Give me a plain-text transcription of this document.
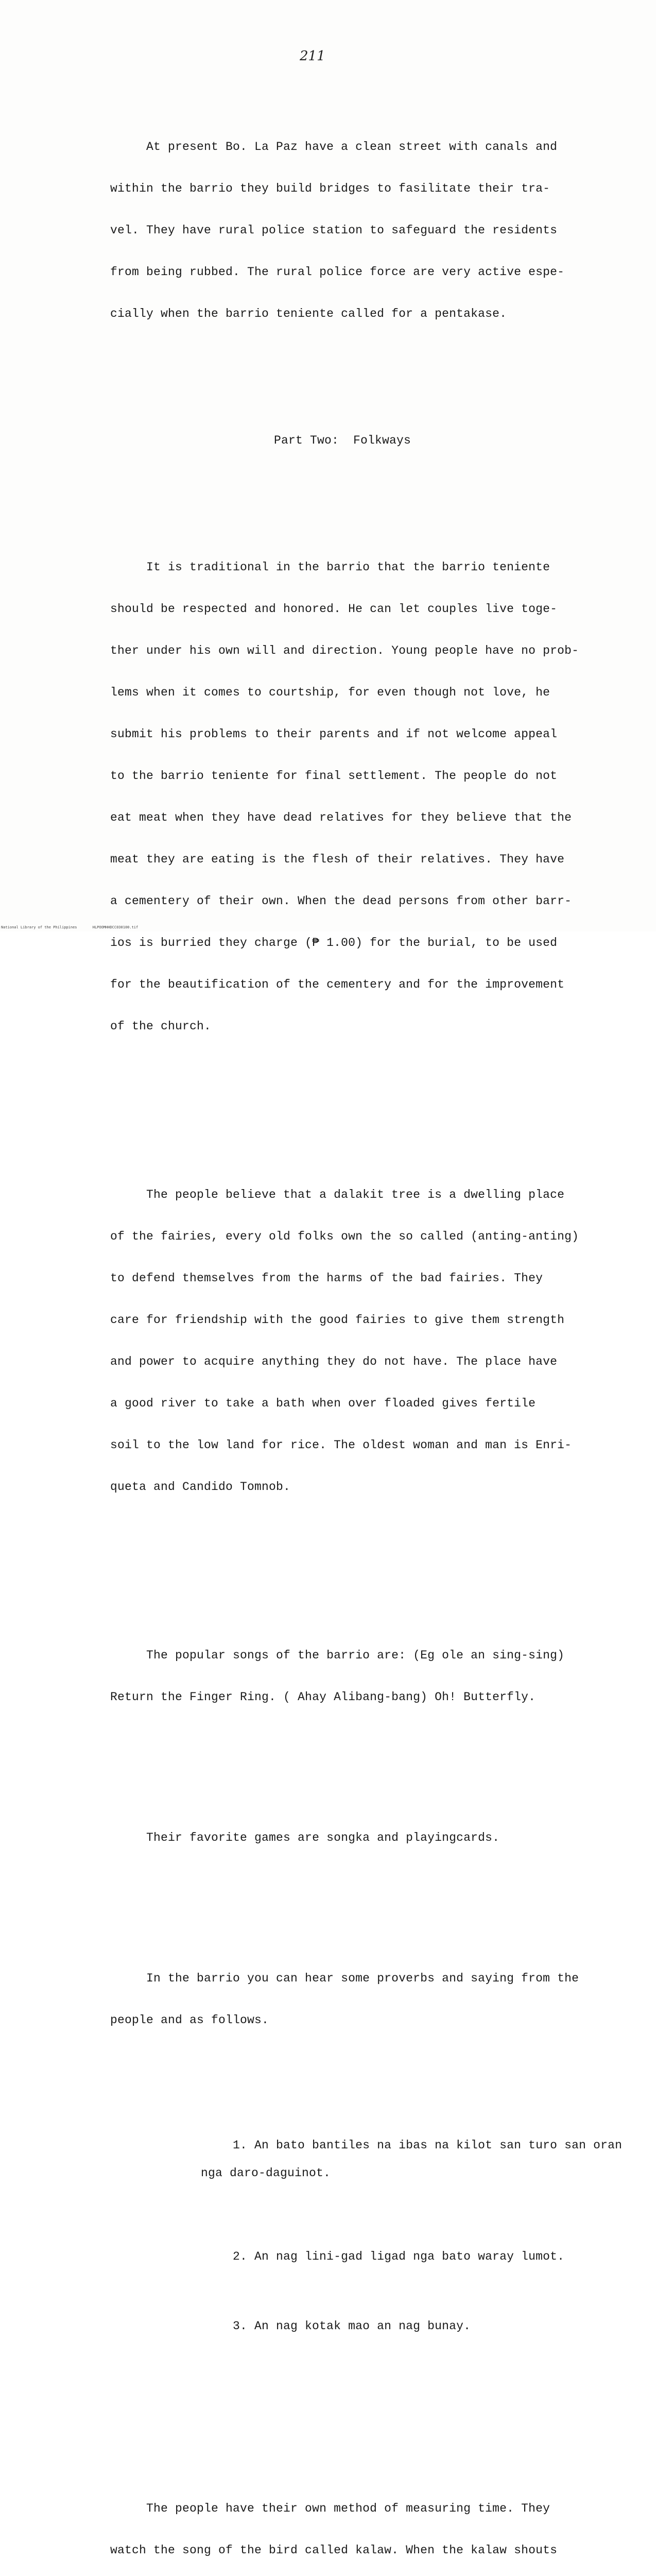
211

At present Bo. La Paz have a clean street with canals and

within the barrio they build bridges to fasilitate their tra-

vel. They have rural police station to safeguard the residents

from being rubbed. The rural police force are very active espe-

cially when the barrio teniente called for a pentakase.

Part Two:  Folkways

It is traditional in the barrio that the barrio teniente

should be respected and honored. He can let couples live toge-

ther under his own will and direction. Young people have no prob-

lems when it comes to courtship, for even though not love, he

submit his problems to their parents and if not welcome appeal

to the barrio teniente for final settlement. The people do not

eat meat when they have dead relatives for they believe that the

meat they are eating is the flesh of their relatives. They have

a cementery of their own. When the dead persons from other barr-

ios is burried they charge (₱ 1.00) for the burial, to be used

for the beautification of the cementery and for the improvement

of the church.

The people believe that a dalakit tree is a dwelling place

of the fairies, every old folks own the so called (anting-anting)

to defend themselves from the harms of the bad fairies. They

care for friendship with the good fairies to give them strength

and power to acquire anything they do not have. The place have

a good river to take a bath when over floaded gives fertile

soil to the low land for rice. The oldest woman and man is Enri-

queta and Candido Tomnob.

The popular songs of the barrio are: (Eg ole an sing-sing)

Return the Finger Ring. ( Ahay Alibang-bang) Oh! Butterfly.

Their favorite games are songka and playingcards.

In the barrio you can hear some proverbs and saying from the

people and as follows.

1. An bato bantiles na ibas na kilot san turo san oran

nga daro-daguinot.

2. An nag lini-gad ligad nga bato waray lumot.

3. An nag kotak mao an nag bunay.

The people have their own method of measuring time. They

watch the song of the bird called kalaw. When the kalaw shouts

National Library of the Philippines	HLPOOMHHDCC030100.tif
